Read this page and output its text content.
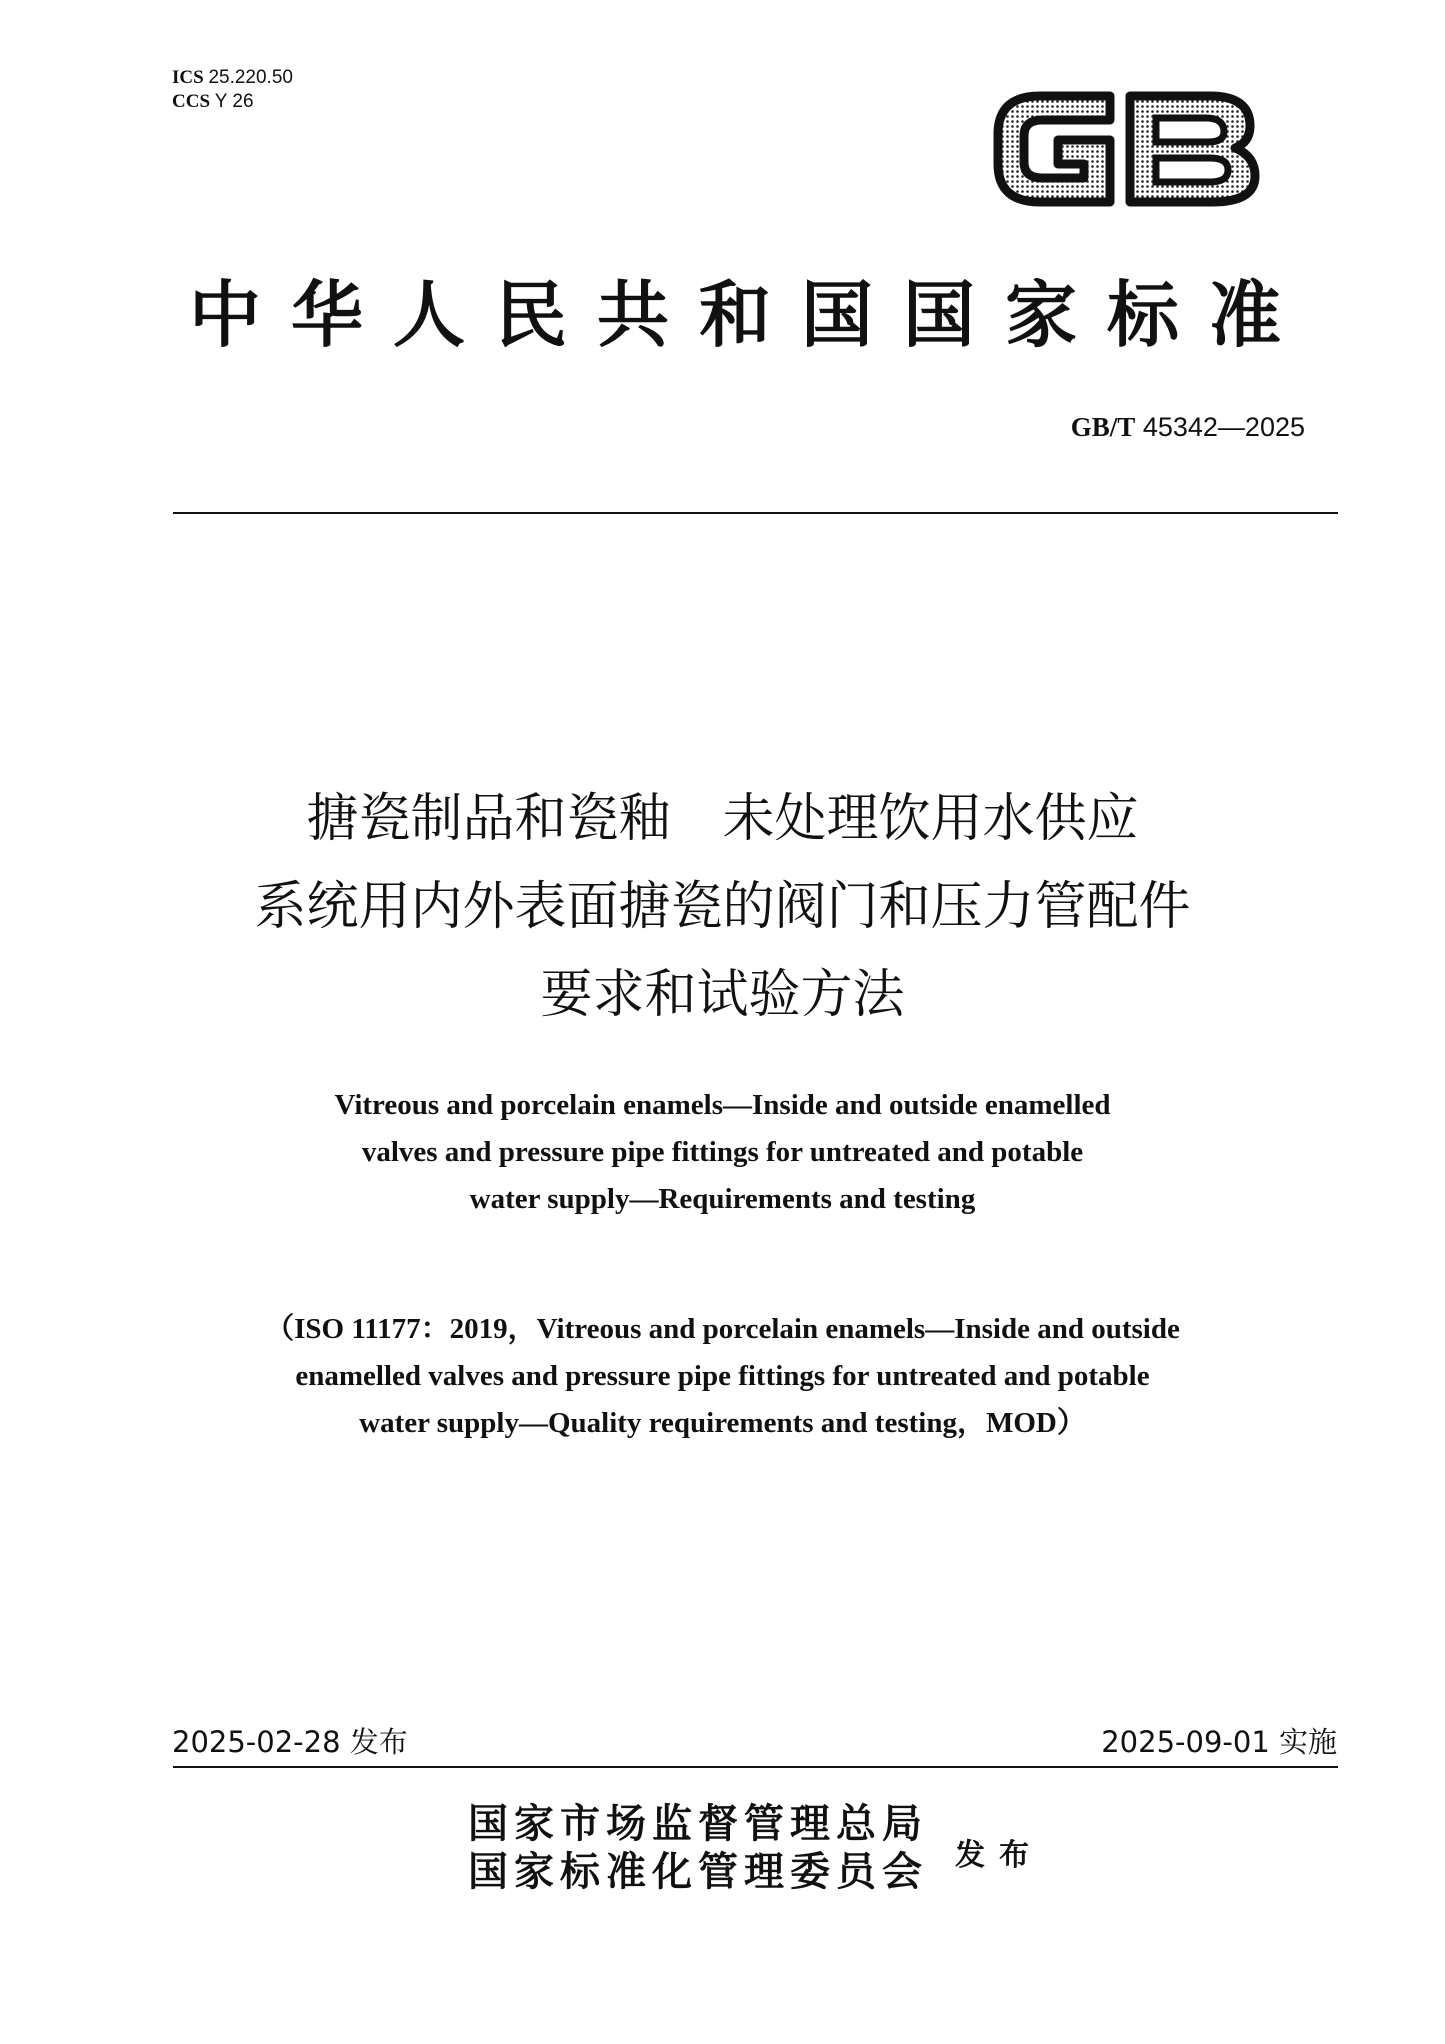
ICS 25.220.50
CCS Y 26
中华人民共和国国家标准
GB/T 45342—2025
搪瓷制品和瓷釉　未处理饮用水供应
系统用内外表面搪瓷的阀门和压力管配件
要求和试验方法
Vitreous and porcelain enamels—Inside and outside enamelled
valves and pressure pipe fittings for untreated and potable
water supply—Requirements and testing
（ISO 11177：2019，Vitreous and porcelain enamels—Inside and outside
enamelled valves and pressure pipe fittings for untreated and potable
water supply—Quality requirements and testing，MOD）
2025-02-28 发布	2025-09-01 实施
国家市场监督管理总局
国家标准化管理委员会 发布
